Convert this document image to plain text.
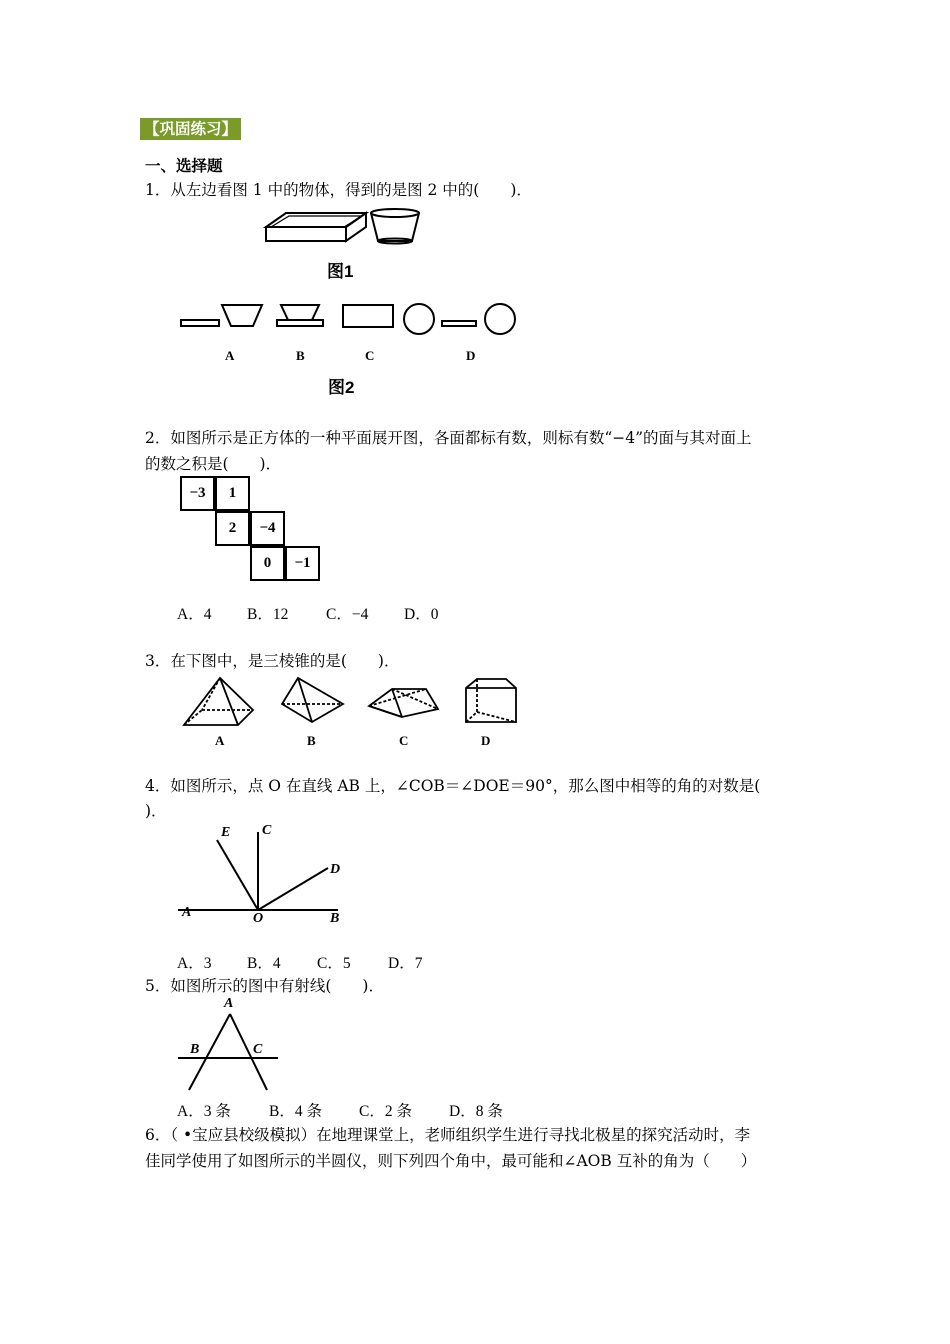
【巩固练习】
一、选择题
1．从左边看图 1 中的物体，得到的是图 2 中的(　　)．
图1
A	B	C	D
图2
2．如图所示是正方体的一种平面展开图，各面都标有数，则标有数“−4”的面与其对面上
的数之积是(　　)．
−3	1
2	−4
0	−1
A．4 B．12 C．−4 D．0
3．在下图中，是三棱锥的是(　　)．
A	B	C	D
4．如图所示，点 O 在直线 AB 上，∠COB＝∠DOE＝90°，那么图中相等的角的对数是(
)．
E C
D
A	O	B
A．3 B．4 C．5 D．7
5．如图所示的图中有射线(　　)．
A
B	C
A．3 条 B．4 条 C．2 条 D．8 条
6．（ •宝应县校级模拟）在地理课堂上，老师组织学生进行寻找北极星的探究活动时，李
佳同学使用了如图所示的半圆仪，则下列四个角中，最可能和∠AOB 互补的角为（　　）
